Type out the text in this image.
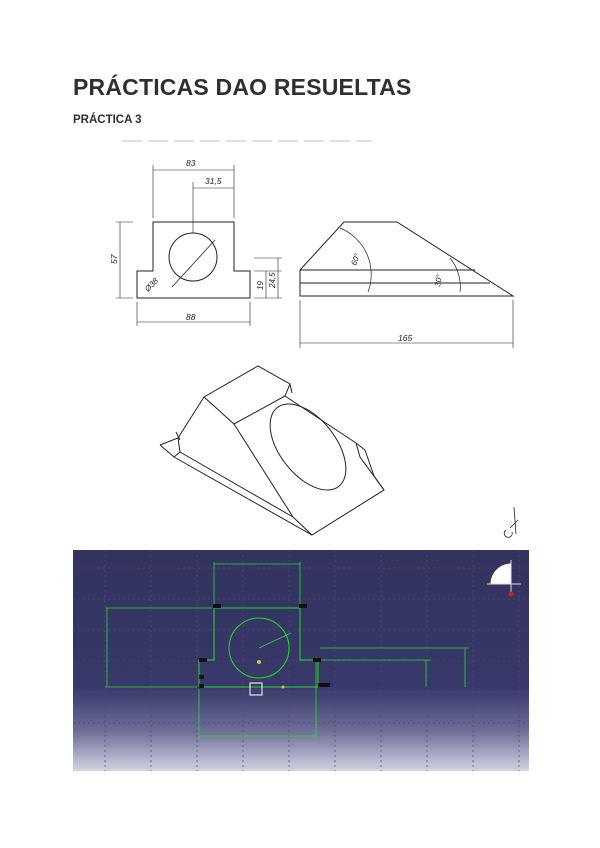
PRÁCTICAS DAO RESUELTAS
PRÁCTICA 3
83
31,5
57
19 24,5
88
Ø38
165
60°
30°
